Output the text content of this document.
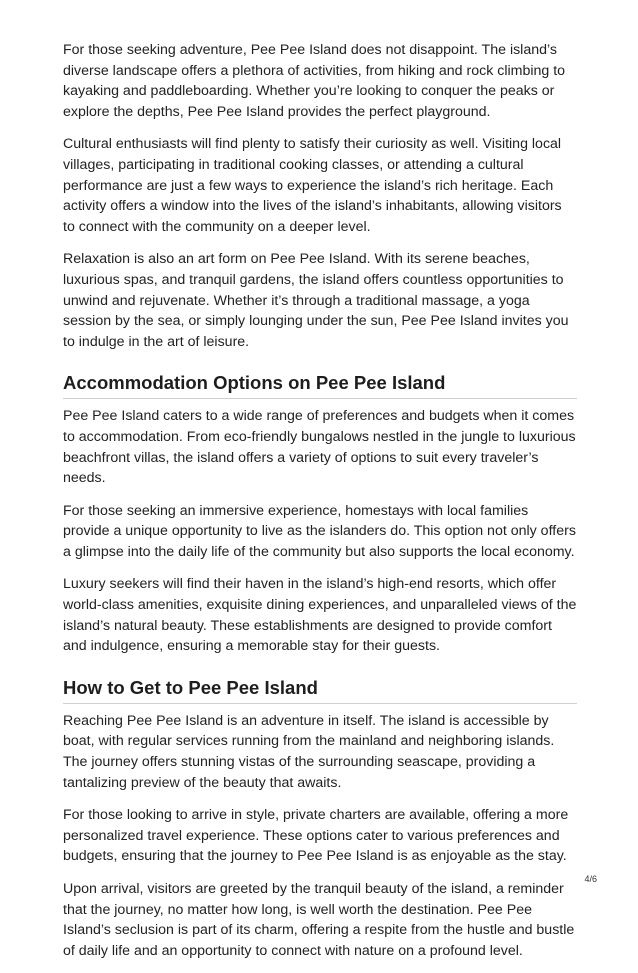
For those seeking adventure, Pee Pee Island does not disappoint. The island’s diverse landscape offers a plethora of activities, from hiking and rock climbing to kayaking and paddleboarding. Whether you’re looking to conquer the peaks or explore the depths, Pee Pee Island provides the perfect playground.

Cultural enthusiasts will find plenty to satisfy their curiosity as well. Visiting local villages, participating in traditional cooking classes, or attending a cultural performance are just a few ways to experience the island’s rich heritage. Each activity offers a window into the lives of the island’s inhabitants, allowing visitors to connect with the community on a deeper level.

Relaxation is also an art form on Pee Pee Island. With its serene beaches, luxurious spas, and tranquil gardens, the island offers countless opportunities to unwind and rejuvenate. Whether it’s through a traditional massage, a yoga session by the sea, or simply lounging under the sun, Pee Pee Island invites you to indulge in the art of leisure.

Accommodation Options on Pee Pee Island

Pee Pee Island caters to a wide range of preferences and budgets when it comes to accommodation. From eco-friendly bungalows nestled in the jungle to luxurious beachfront villas, the island offers a variety of options to suit every traveler’s needs.

For those seeking an immersive experience, homestays with local families provide a unique opportunity to live as the islanders do. This option not only offers a glimpse into the daily life of the community but also supports the local economy.

Luxury seekers will find their haven in the island’s high-end resorts, which offer world-class amenities, exquisite dining experiences, and unparalleled views of the island’s natural beauty. These establishments are designed to provide comfort and indulgence, ensuring a memorable stay for their guests.

How to Get to Pee Pee Island

Reaching Pee Pee Island is an adventure in itself. The island is accessible by boat, with regular services running from the mainland and neighboring islands. The journey offers stunning vistas of the surrounding seascape, providing a tantalizing preview of the beauty that awaits.

For those looking to arrive in style, private charters are available, offering a more personalized travel experience. These options cater to various preferences and budgets, ensuring that the journey to Pee Pee Island is as enjoyable as the stay.

Upon arrival, visitors are greeted by the tranquil beauty of the island, a reminder that the journey, no matter how long, is well worth the destination. Pee Pee Island’s seclusion is part of its charm, offering a respite from the hustle and bustle of daily life and an opportunity to connect with nature on a profound level.

4/6
